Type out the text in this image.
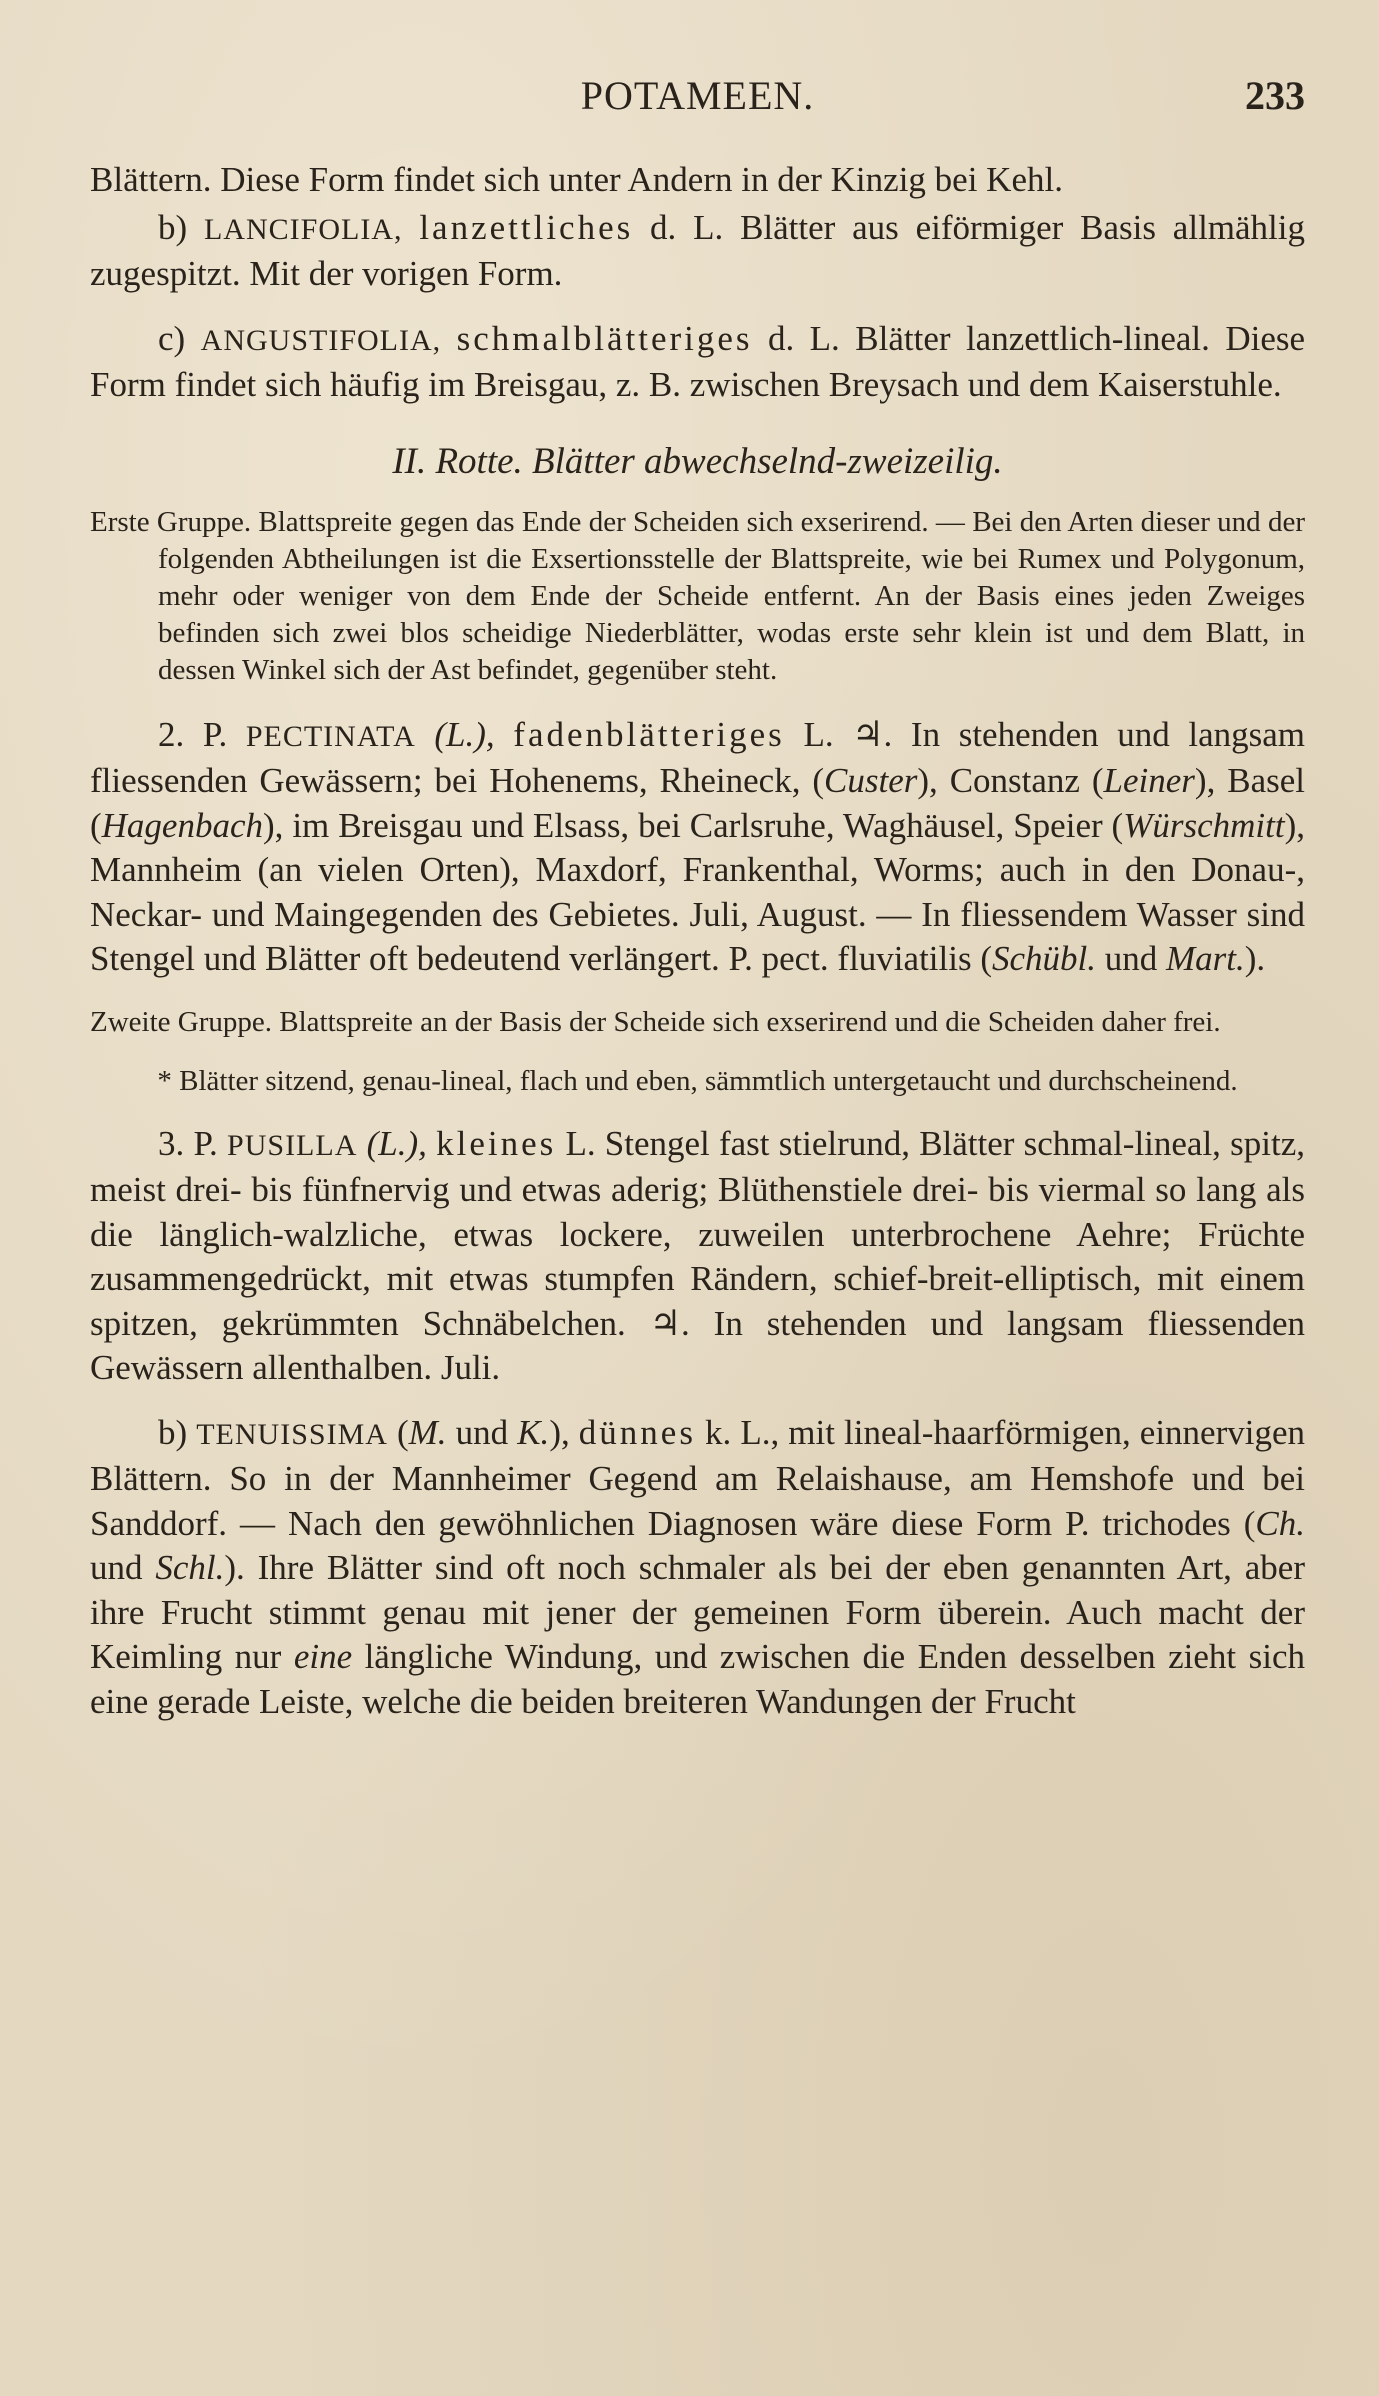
POTAMEEN.	233

Blättern. Diese Form findet sich unter Andern in der Kinzig bei Kehl.

b) LANCIFOLIA, lanzettliches d. L. Blätter aus eiförmiger Basis allmählig zugespitzt. Mit der vorigen Form.

c) ANGUSTIFOLIA, schmalblätteriges d. L. Blätter lanzettlich-lineal. Diese Form findet sich häufig im Breisgau, z. B. zwischen Breysach und dem Kaiserstuhle.

II. Rotte. Blätter abwechselnd-zweizeilig.

Erste Gruppe. Blattspreite gegen das Ende der Scheiden sich exserirend. — Bei den Arten dieser und der folgenden Abtheilungen ist die Exsertionsstelle der Blattspreite, wie bei Rumex und Polygonum, mehr oder weniger von dem Ende der Scheide entfernt. An der Basis eines jeden Zweiges befinden sich zwei blos scheidige Niederblätter, wodas erste sehr klein ist und dem Blatt, in dessen Winkel sich der Ast befindet, gegenüber steht.

2. P. PECTINATA (L.), fadenblätteriges L. ♃. In stehenden und langsam fliessenden Gewässern; bei Hohenems, Rheineck, (Custer), Constanz (Leiner), Basel (Hagenbach), im Breisgau und Elsass, bei Carlsruhe, Waghäusel, Speier (Würschmitt), Mannheim (an vielen Orten), Maxdorf, Frankenthal, Worms; auch in den Donau-, Neckar- und Maingegenden des Gebietes. Juli, August. — In fliessendem Wasser sind Stengel und Blätter oft bedeutend verlängert. P. pect. fluviatilis (Schübl. und Mart.).

Zweite Gruppe. Blattspreite an der Basis der Scheide sich exserirend und die Scheiden daher frei.

* Blätter sitzend, genau-lineal, flach und eben, sämmtlich untergetaucht und durchscheinend.

3. P. PUSILLA (L.), kleines L. Stengel fast stielrund, Blätter schmal-lineal, spitz, meist drei- bis fünfnervig und etwas aderig; Blüthenstiele drei- bis viermal so lang als die länglich-walzliche, etwas lockere, zuweilen unterbrochene Aehre; Früchte zusammengedrückt, mit etwas stumpfen Rändern, schief-breit-elliptisch, mit einem spitzen, gekrümmten Schnäbelchen. ♃. In stehenden und langsam fliessenden Gewässern allenthalben. Juli.

b) TENUISSIMA (M. und K.), dünnes k. L., mit lineal-haarförmigen, einnervigen Blättern. So in der Mannheimer Gegend am Relaishause, am Hemshofe und bei Sanddorf. — Nach den gewöhnlichen Diagnosen wäre diese Form P. trichodes (Ch. und Schl.). Ihre Blätter sind oft noch schmaler als bei der eben genannten Art, aber ihre Frucht stimmt genau mit jener der gemeinen Form überein. Auch macht der Keimling nur eine längliche Windung, und zwischen die Enden desselben zieht sich eine gerade Leiste, welche die beiden breiteren Wandungen der Frucht
